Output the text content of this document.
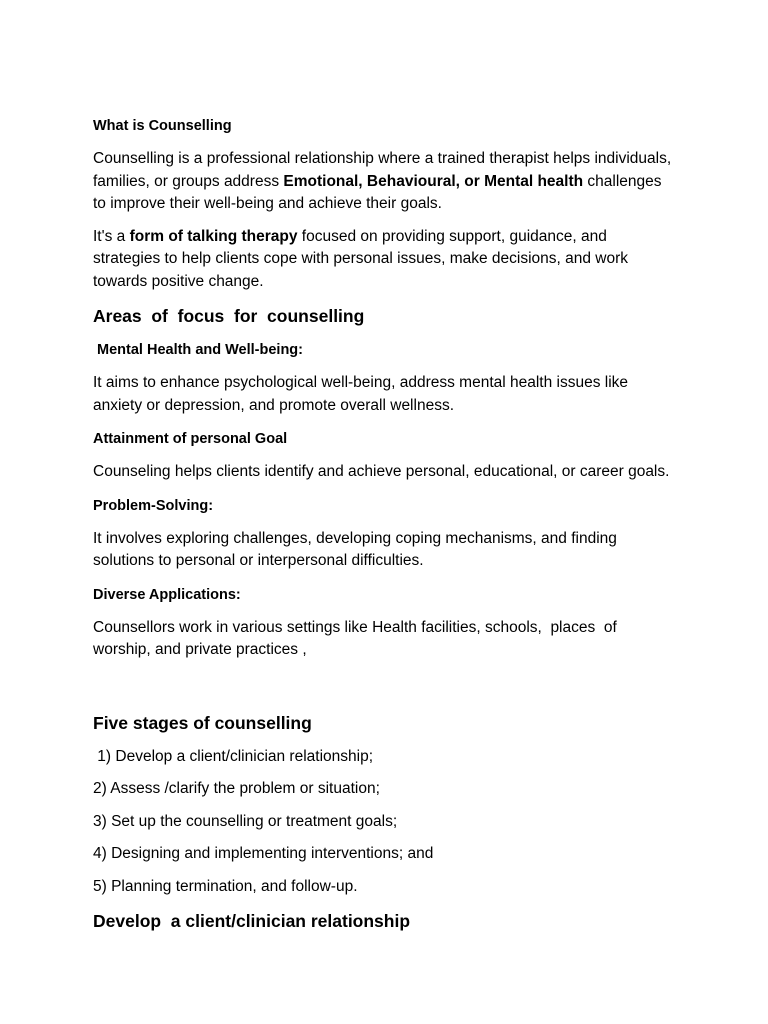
What is Counselling

Counselling is a professional relationship where a trained therapist helps individuals, families, or groups address Emotional, Behavioural, or Mental health challenges to improve their well-being and achieve their goals.

It's a form of talking therapy focused on providing support, guidance, and strategies to help clients cope with personal issues, make decisions, and work towards positive change.

Areas  of  focus  for  counselling
Mental Health and Well-being:

It aims to enhance psychological well-being, address mental health issues like anxiety or depression, and promote overall wellness.

Attainment of personal Goal

Counseling helps clients identify and achieve personal, educational, or career goals.

Problem-Solving:

It involves exploring challenges, developing coping mechanisms, and finding solutions to personal or interpersonal difficulties.

Diverse Applications:

Counsellors work in various settings like Health facilities, schools,  places  of worship, and private practices ,

Five stages of counselling

1) Develop a client/clinician relationship;

2) Assess /clarify the problem or situation;

3) Set up the counselling or treatment goals;

4) Designing and implementing interventions; and

5) Planning termination, and follow-up.

Develop  a client/clinician relationship
